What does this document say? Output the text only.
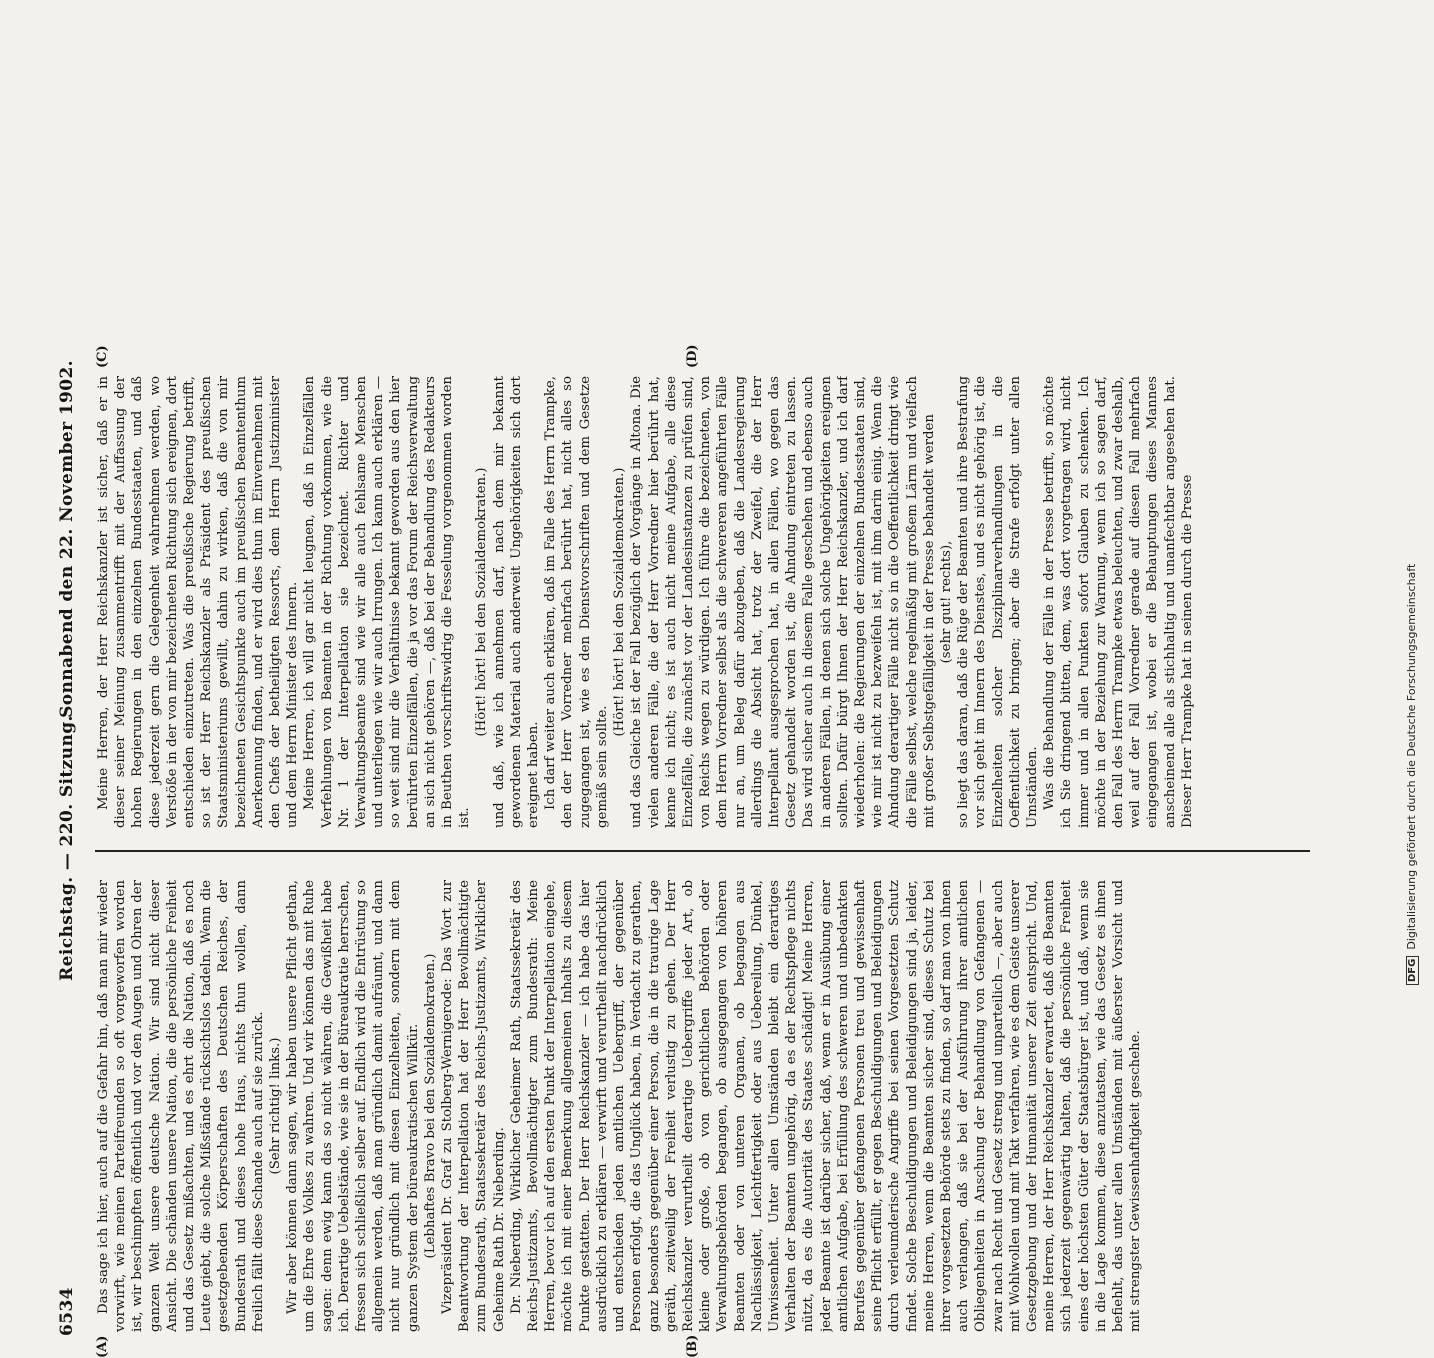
6534
Reichstag. — 220. Sitzung.
Sonnabend den 22. November 1902.
(A)	(B)
(C)	(D)

Das sage ich hier, auch auf die Gefahr hin, daß man mir wieder vorwirft, wie meinen Parteifreunden so oft vorgeworfen worden ist, wir beschimpften öffentlich und vor den Augen und Ohren der ganzen Welt unsere deutsche Nation. Wir sind nicht dieser Ansicht. Die schänden unsere Nation, die die persönliche Freiheit und das Gesetz mißachten, und es ehrt die Nation, daß es noch Leute giebt, die solche Mißstände rücksichtslos tadeln. Wenn die gesetzgebenden Körperschaften des Deutschen Reiches, der Bundesrath und dieses hohe Haus, nichts thun wollen, dann freilich fällt diese Schande auch auf sie zurück. (Sehr richtig! links.) Wir aber können dann sagen, wir haben unsere Pflicht gethan, um die Ehre des Volkes zu wahren. Und wir können das mit Ruhe sagen: denn ewig kann das so nicht währen, die Gewißheit habe ich. Derartige Uebelstände, wie sie in der Büreaukratie herrschen, fressen sich schließlich selber auf. Endlich wird die Entrüstung so allgemein werden, daß man gründlich damit aufräumt, und dann nicht nur gründlich mit diesen Einzelheiten, sondern mit dem ganzen System der büreaukratischen Willkür. (Lebhaftes Bravo bei den Sozialdemokraten.) Vizepräsident Dr. Graf zu Stolberg-Wernigerode: Das Wort zur Beantwortung der Interpellation hat der Herr Bevollmächtigte zum Bundesrath, Staatssekretär des Reichs-Justizamts, Wirklicher Geheime Rath Dr. Nieberding. Dr. Nieberding, Wirklicher Geheimer Rath, Staatssekretär des Reichs-Justizamts, Bevollmächtigter zum Bundesrath: Meine Herren, bevor ich auf den ersten Punkt der Interpellation eingehe, möchte ich mit einer Bemerkung allgemeinen Inhalts zu diesem Punkte gestatten. Der Herr Reichskanzler — ich habe das hier ausdrücklich zu erklären — verwirft und verurtheilt nachdrücklich und entschieden jeden amtlichen Uebergriff, der gegenüber Personen erfolgt, die das Unglück haben, in Verdacht zu gerathen, ganz besonders gegenüber einer Person, die in die traurige Lage geräth, zeitweilig der Freiheit verlustig zu gehen. Der Herr Reichskanzler verurtheilt derartige Uebergriffe jeder Art, ob kleine oder große, ob von gerichtlichen Behörden oder Verwaltungsbehörden begangen, ob ausgegangen von höheren Beamten oder von unteren Organen, ob begangen aus Nachlässigkeit, Leichtfertigkeit oder aus Uebereilung, Dünkel, Unwissenheit. Unter allen Umständen bleibt ein derartiges Verhalten der Beamten ungehörig, da es der Rechtspflege nichts nützt, da es die Autorität des Staates schädigt! Meine Herren, jeder Beamte ist darüber sicher, daß, wenn er in Ausübung einer amtlichen Aufgabe, bei Erfüllung des schweren und unbedankten Berufes gegenüber gefangenen Personen treu und gewissenhaft seine Pflicht erfüllt, er gegen Beschuldigungen und Beleidigungen durch verleumderische Angriffe bei seinen Vorgesetzten Schutz findet. Solche Beschuldigungen und Beleidigungen sind ja, leider, meine Herren, wenn die Beamten sicher sind, dieses Schutz bei ihrer vorgesetzten Behörde stets zu finden, so darf man von ihnen auch verlangen, daß sie bei der Ausführung ihrer amtlichen Obliegenheiten in Anschung der Behandlung von Gefangenen — zwar nach Recht und Gesetz streng und unparteilich —, aber auch mit Wohlwollen und mit Takt verfahren, wie es dem Geiste unserer Gesetzgebung und der Humanität unserer Zeit entspricht. Und, meine Herren, der Herr Reichskanzler erwartet, daß die Beamten sich jederzeit gegenwärtig halten, daß die persönliche Freiheit eines der höchsten Güter der Staatsbürger ist, und daß, wenn sie in die Lage kommen, diese anzutasten, wie das Gesetz es ihnen befiehlt, das unter allen Umständen mit äußerster Vorsicht und mit strengster Gewissenhaftigkeit geschehe.

Meine Herren, der Herr Reichskanzler ist sicher, daß er in dieser seiner Meinung zusammentrifft mit der Auffassung der hohen Regierungen in den einzelnen Bundesstaaten, und daß diese jederzeit gern die Gelegenheit wahrnehmen werden, wo Verstöße in der von mir bezeichneten Richtung sich ereignen, dort entschieden einzutreten. Was die preußische Regierung betrifft, so ist der Herr Reichskanzler als Präsident des preußischen Staatsministeriums gewillt, dahin zu wirken, daß die von mir bezeichneten Gesichtspunkte auch im preußischen Beamtenthum Anerkennung finden, und er wird dies thun im Einvernehmen mit den Chefs der betheiligten Ressorts, dem Herrn Justizminister und dem Herrn Minister des Innern. Meine Herren, ich will gar nicht leugnen, daß in Einzelfällen Verfehlungen von Beamten in der Richtung vorkommen, wie die Nr. 1 der Interpellation sie bezeichnet. Richter und Verwaltungsbeamte sind wie wir alle auch fehlsame Menschen und unterliegen wie wir auch Irrungen. Ich kann auch erklären — so weit sind mir die Verhältnisse bekannt geworden aus den hier berührten Einzelfällen, die ja vor das Forum der Reichsverwaltung an sich nicht gehören —, daß bei der Behandlung des Redakteurs in Beuthen vorschriftswidrig die Fesselung vorgenommen worden ist.

(Hört! hört! bei den Sozialdemokraten.) und daß, wie ich annehmen darf, nach dem mir bekannt gewordenen Material auch anderweit Ungehörigkeiten sich dort ereignet haben. Ich darf weiter auch erklären, daß im Falle des Herrn Trampke, den der Herr Vorredner mehrfach berührt hat, nicht alles so zugegangen ist, wie es den Dienstvorschriften und dem Gesetze gemäß sein sollte.

(Hört! hört! bei den Sozialdemokraten.) und das Gleiche ist der Fall bezüglich der Vorgänge in Altona. Die vielen anderen Fälle, die der Herr Vorredner hier berührt hat, kenne ich nicht; es ist auch nicht meine Aufgabe, alle diese Einzelfälle, die zunächst vor der Landesinstanzen zu prüfen sind, von Reichs wegen zu würdigen. Ich führe die bezeichneten, von dem Herrn Vorredner selbst als die schwereren angeführten Fälle nur an, um Beleg dafür abzugeben, daß die Landesregierung allerdings die Absicht hat, trotz der Zweifel, die der Herr Interpellant ausgesprochen hat, in allen Fällen, wo gegen das Gesetz gehandelt worden ist, die Ahndung eintreten zu lassen. Das wird sicher auch in diesem Falle geschehen und ebenso auch in anderen Fällen, in denen sich solche Ungehörigkeiten ereignen sollten. Dafür bürgt Ihnen der Herr Reichskanzler, und ich darf wiederholen: die Regierungen der einzelnen Bundesstaaten sind, wie mir ist nicht zu bezweifeln ist, mit ihm darin einig. Wenn die Ahndung derartiger Fälle nicht so in die Oeffentlichkeit dringt wie die Fälle selbst, welche regelmäßig mit großem Lärm und vielfach mit großer Selbstgefälligkeit in der Presse behandelt werden (sehr gut! rechts), so liegt das daran, daß die Rüge der Beamten und ihre Bestrafung vor sich geht im Innern des Dienstes, und es nicht gehörig ist, die Einzelheiten solcher Disziplinarverhandlungen in die Oeffentlichkeit zu bringen; aber die Strafe erfolgt unter allen Umständen. Was die Behandlung der Fälle in der Presse betrifft, so möchte ich Sie dringend bitten, dem, was dort vorgetragen wird, nicht immer und in allen Punkten sofort Glauben zu schenken. Ich möchte in der Beziehung zur Warnung, wenn ich so sagen darf, den Fall des Herrn Trampke etwas beleuchten, und zwar deshalb, weil auf der Fall Vorredner gerade auf diesen Fall mehrfach eingegangen ist, wobei er die Behauptungen dieses Mannes anscheinend alle als stichhaltig und unanfechtbar angesehen hat. Dieser Herr Trampke hat in seinen durch die Presse

DFGDigitalisierung gefördert durch die Deutsche Forschungsgemeinschaft
